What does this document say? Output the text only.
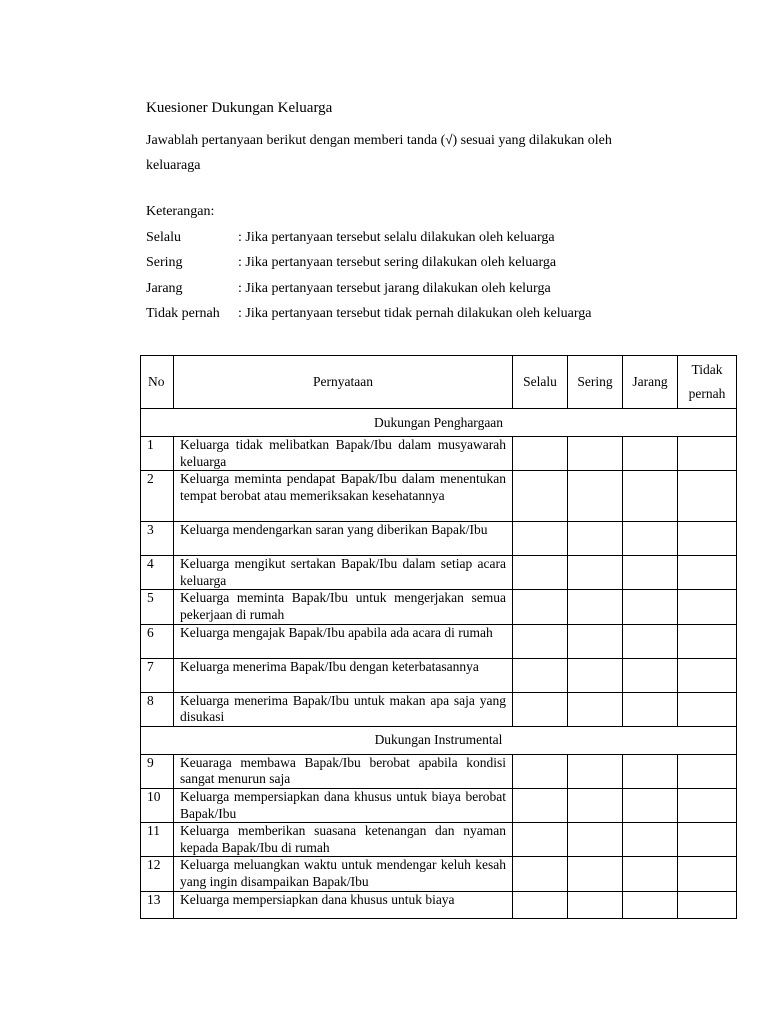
Kuesioner Dukungan Keluarga
Jawablah pertanyaan berikut dengan memberi tanda (√) sesuai yang dilakukan oleh keluaraga
Keterangan:
Selalu	: Jika pertanyaan tersebut selalu dilakukan oleh keluarga
Sering	: Jika pertanyaan tersebut sering dilakukan oleh keluarga
Jarang	: Jika pertanyaan tersebut jarang dilakukan oleh kelurga
Tidak pernah : Jika pertanyaan tersebut tidak pernah dilakukan oleh keluarga
No	Pernyataan	Selalu	Sering	Jarang	Tidak
pernah
Dukungan Penghargaan					
1	Keluarga tidak melibatkan Bapak/Ibu dalam musyawarah keluarga				
2	Keluarga meminta pendapat Bapak/Ibu dalam menentukan tempat berobat atau memeriksakan kesehatannya				
3	Keluarga mendengarkan saran yang diberikan Bapak/Ibu				
4	Keluarga mengikut sertakan Bapak/Ibu dalam setiap acara keluarga				
5	Keluarga meminta Bapak/Ibu untuk mengerjakan semua pekerjaan di rumah				
6	Keluarga mengajak Bapak/Ibu apabila ada acara di rumah				
7	Keluarga menerima Bapak/Ibu dengan keterbatasannya				
8	Keluarga menerima Bapak/Ibu untuk makan apa saja yang disukasi				
Dukungan Instrumental					
9	Keuaraga membawa Bapak/Ibu berobat apabila kondisi sangat menurun saja				
10	Keluarga mempersiapkan dana khusus untuk biaya berobat Bapak/Ibu				
11	Keluarga memberikan suasana ketenangan dan nyaman kepada Bapak/Ibu di rumah				
12	Keluarga meluangkan waktu untuk mendengar keluh kesah yang ingin disampaikan Bapak/Ibu				
13	Keluarga mempersiapkan dana khusus untuk biaya				
